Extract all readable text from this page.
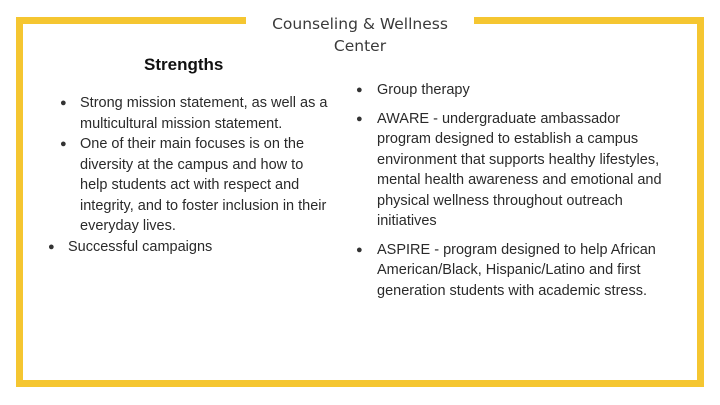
Counseling & Wellness
Center
Strengths
● Strong mission statement, as well as a multicultural mission statement.
● One of their main focuses is on the diversity at the campus and how to help students act with respect and integrity, and to foster inclusion in their everyday lives.
● Successful campaigns
● Group therapy
● AWARE - undergraduate ambassador program designed to establish a campus environment that supports healthy lifestyles, mental health awareness and emotional and physical wellness throughout outreach initiatives
● ASPIRE - program designed to help African American/Black, Hispanic/Latino and first generation students with academic stress.
